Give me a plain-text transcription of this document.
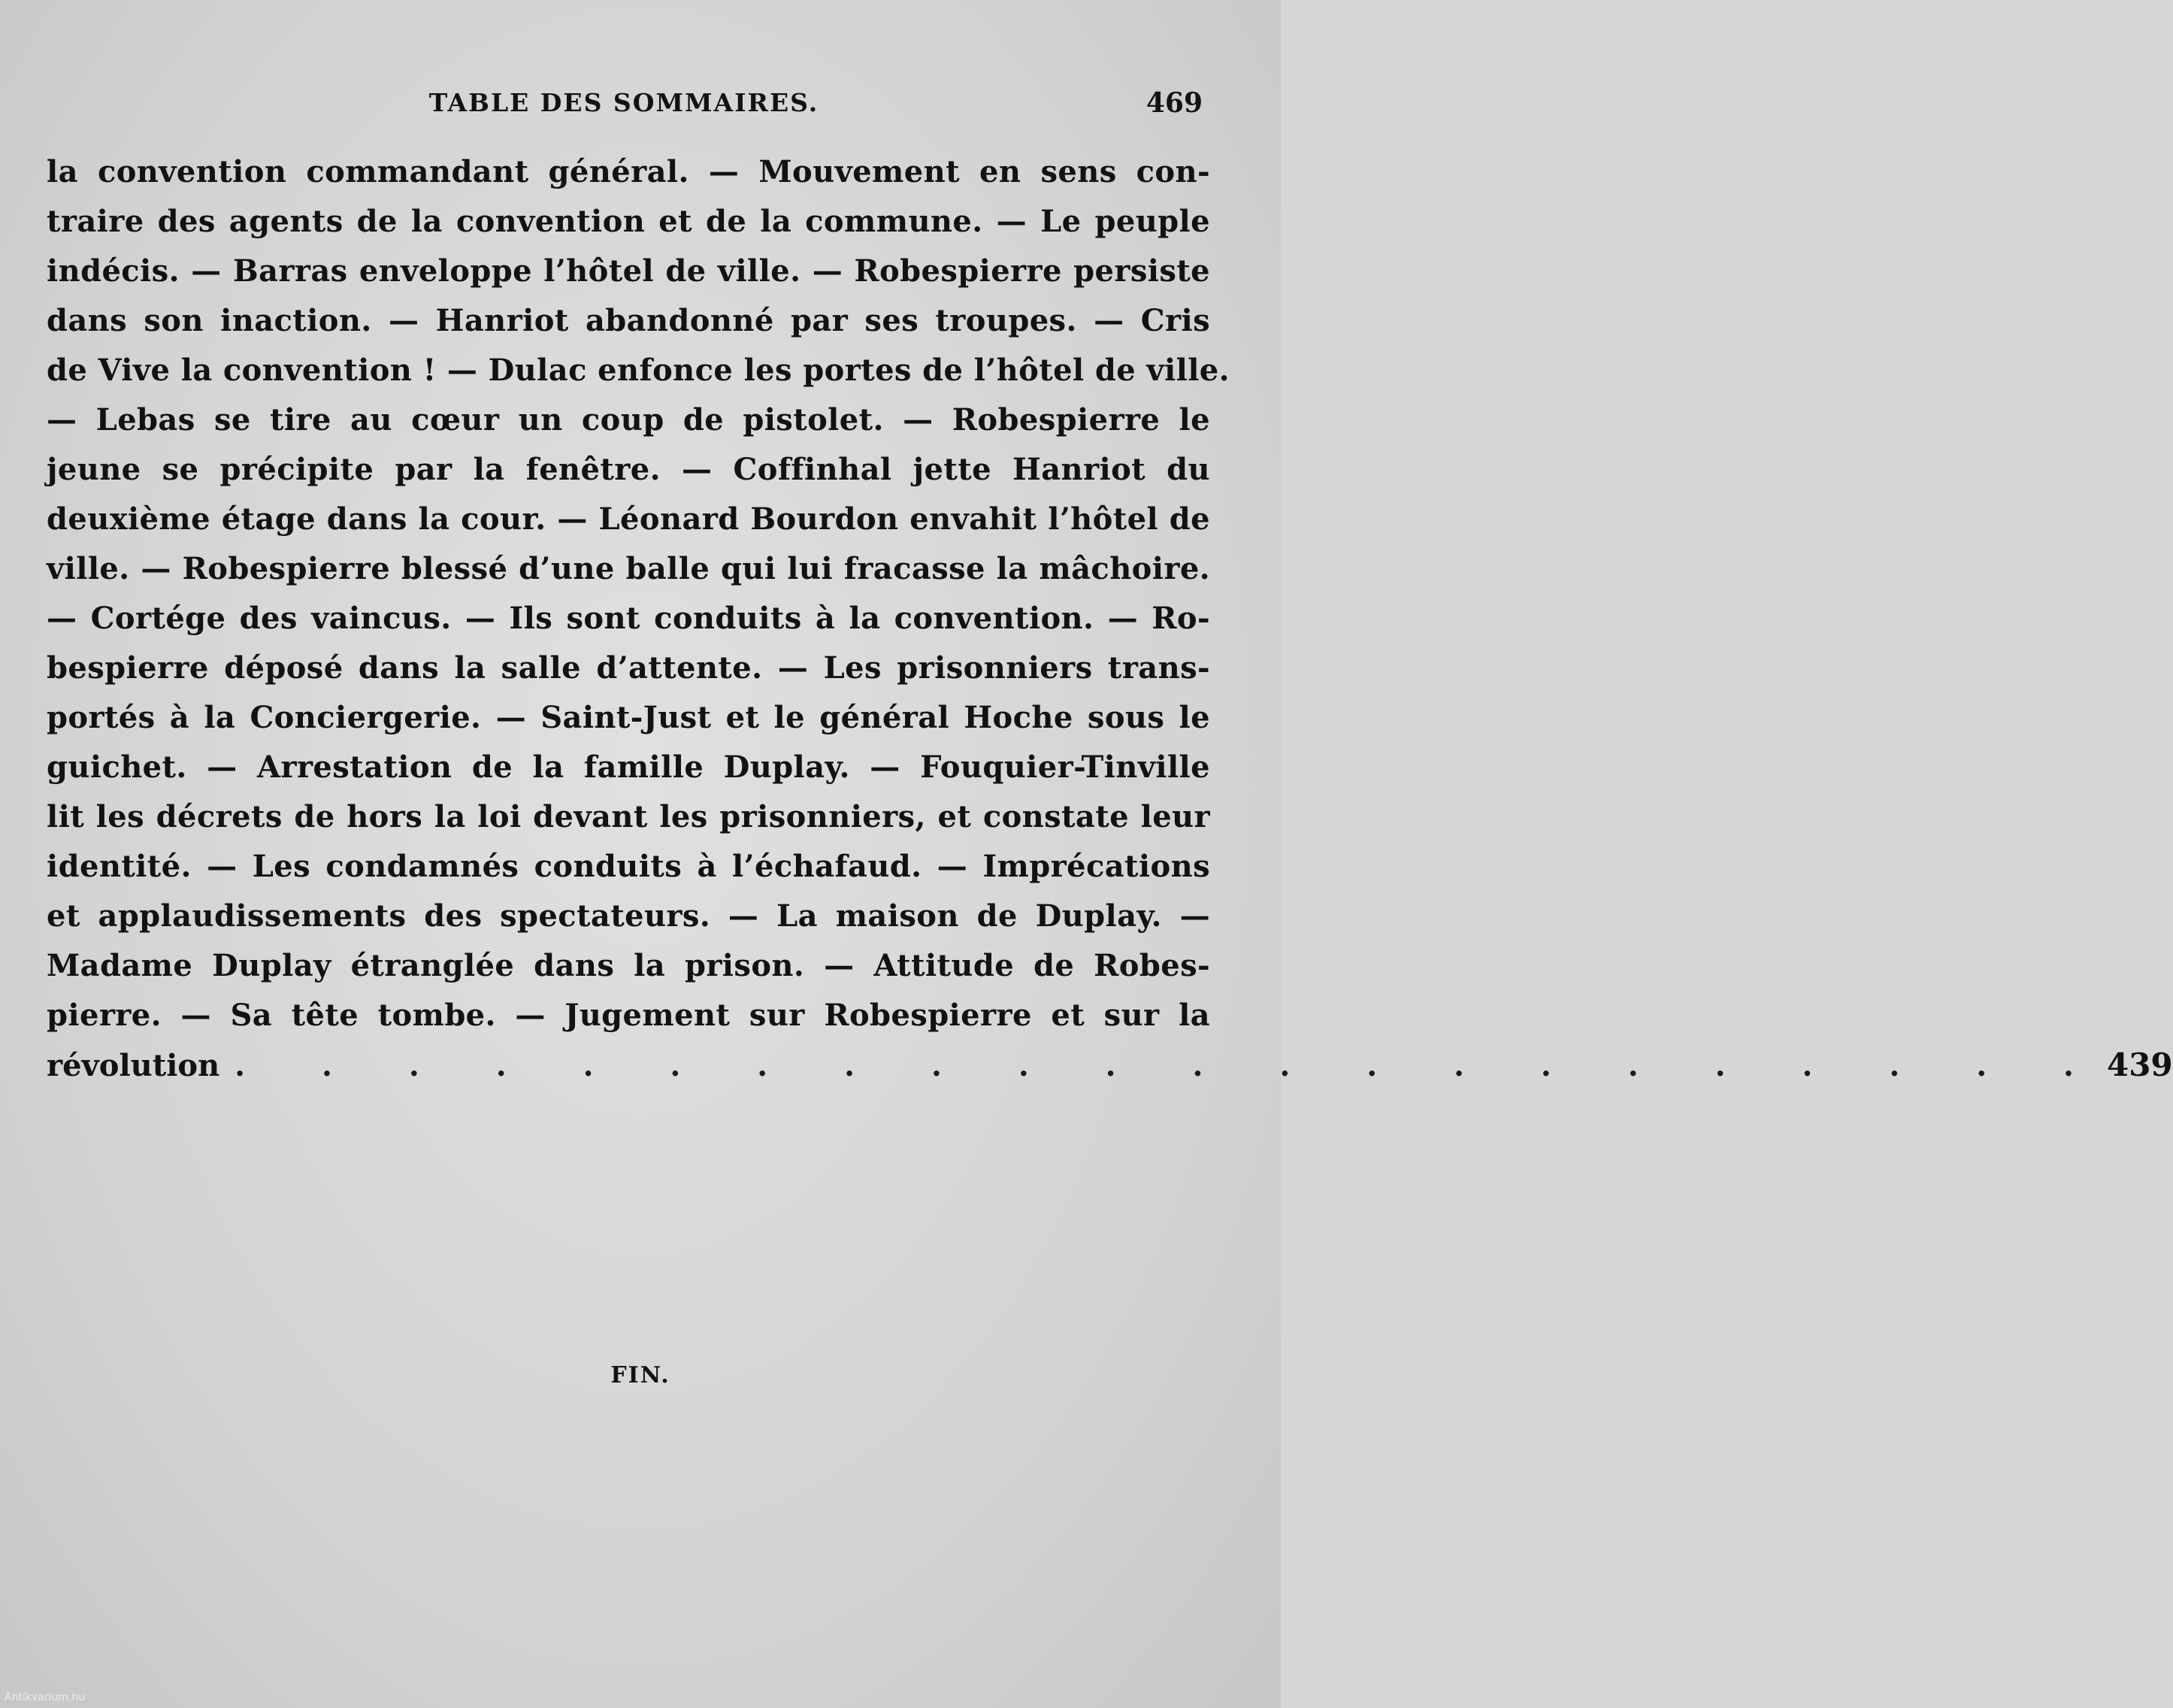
TABLE DES SOMMAIRES.	469
la convention commandant général. — Mouvement en sens con-
traire des agents de la convention et de la commune. — Le peuple
indécis. — Barras enveloppe l’hôtel de ville. — Robespierre persiste
dans son inaction. — Hanriot abandonné par ses troupes. — Cris
de Vive la convention ! — Dulac enfonce les portes de l’hôtel de ville.
— Lebas se tire au cœur un coup de pistolet. — Robespierre le
jeune se précipite par la fenêtre. — Coffinhal jette Hanriot du
deuxième étage dans la cour. — Léonard Bourdon envahit l’hôtel de
ville. — Robespierre blessé d’une balle qui lui fracasse la mâchoire.
— Cortége des vaincus. — Ils sont conduits à la convention. — Ro-
bespierre déposé dans la salle d’attente. — Les prisonniers trans-
portés à la Conciergerie. — Saint-Just et le général Hoche sous le
guichet. — Arrestation de la famille Duplay. — Fouquier-Tinville
lit les décrets de hors la loi devant les prisonniers, et constate leur
identité. — Les condamnés conduits à l’échafaud. — Imprécations
et applaudissements des spectateurs. — La maison de Duplay. —
Madame Duplay étranglée dans la prison. — Attitude de Robes-
pierre. — Sa tête tombe. — Jugement sur Robespierre et sur la
révolution . . . . . . . . . . . . . . . . . . . . . . 439
FIN.
Antikvarium.hu
